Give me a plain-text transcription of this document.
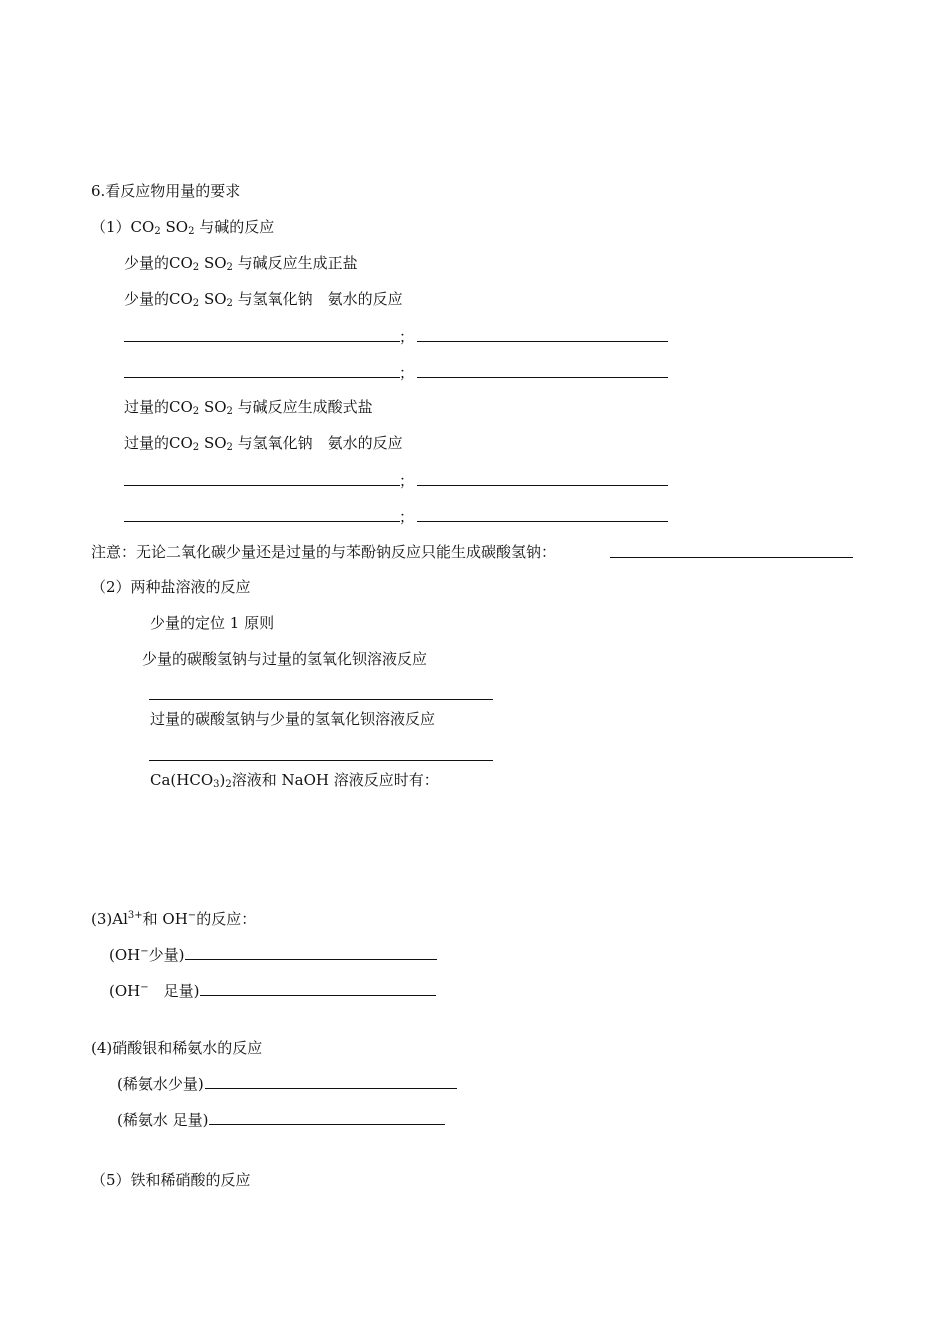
6.看反应物用量的要求
$(1)CO_2$ $SO_2$ 与碱的反应
少量的$CO_2$ $SO_2$ 与碱反应生成正盐
少量的$CO_2$ $SO_2$ 与氢氧化钠　氨水的反应
；
；
过量的$CO_2$ $SO_2$ 与碱反应生成酸式盐
过量的$CO_2$ $SO_2$ 与氢氧化钠　氨水的反应
；
；
注意：无论二氧化碳少量还是过量的与苯酚钠反应只能生成碳酸氢钠：
（2）两种盐溶液的反应
少量的定位 1 原则
少量的碳酸氢钠与过量的氢氧化钡溶液反应
过量的碳酸氢钠与少量的氢氧化钡溶液反应
$Ca(HCO_3)_2$溶液和 NaOH 溶液反应时有：
$(3)Al^{3+}$和 OH−的反应：
(OH−少量)
(OH−　足量)
(4)硝酸银和稀氨水的反应
(稀氨水少量)
(稀氨水 足量)
（5）铁和稀硝酸的反应
